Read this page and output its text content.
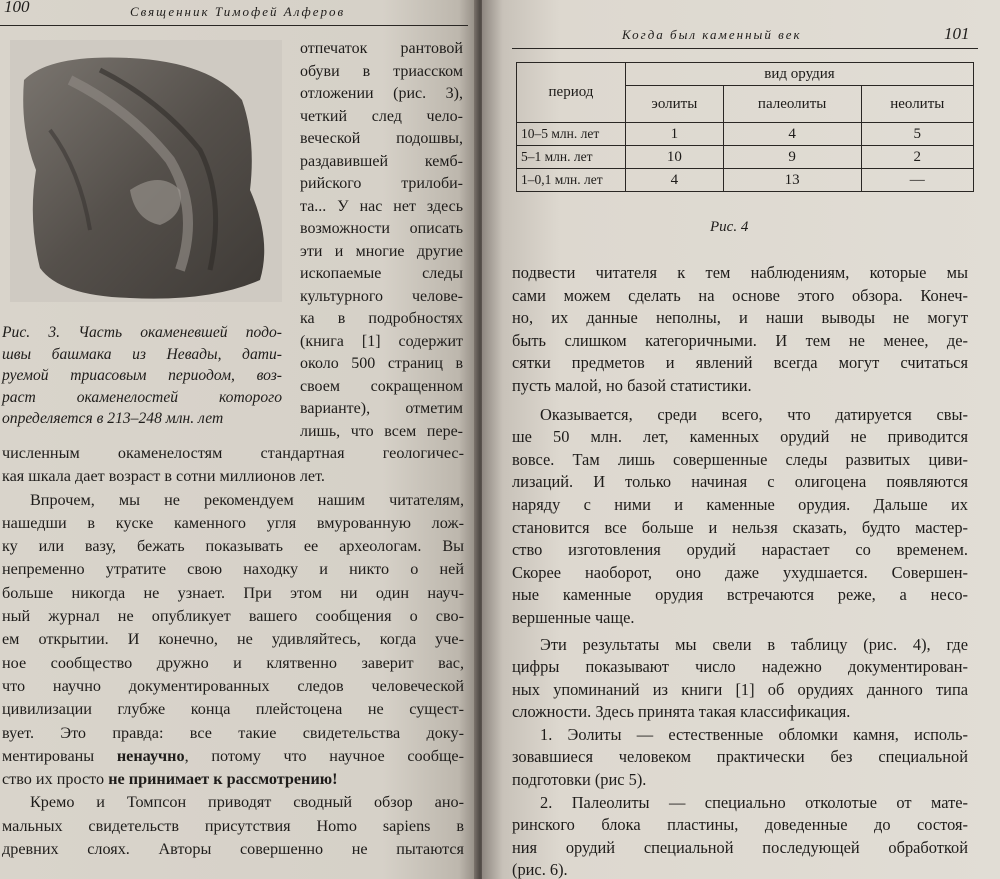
100	Священник Тимофей Алферов
отпечаток рантовой
обуви в триасском
отложении (рис. 3),
четкий след чело-
веческой подошвы,
раздавившей кемб-
рийского трилоби-
та... У нас нет здесь
возможности описать
эти и многие другие
ископаемые следы
культурного челове-
ка в подробностях
(книга [1] содержит
около 500 страниц в
своем сокращенном
варианте), отметим
лишь, что всем пере-
Рис. 3. Часть окаменевшей подо-
швы башмака из Невады, дати-
руемой триасовым периодом, воз-
раст окаменелостей которого
определяется в 213–248 млн. лет
численным окаменелостям стандартная геологичес-
кая шкала дает возраст в сотни миллионов лет.
Впрочем, мы не рекомендуем нашим читателям,
нашедши в куске каменного угля вмурованную лож-
ку или вазу, бежать показывать ее археологам. Вы
непременно утратите свою находку и никто о ней
больше никогда не узнает. При этом ни один науч-
ный журнал не опубликует вашего сообщения о сво-
ем открытии. И конечно, не удивляйтесь, когда уче-
ное сообщество дружно и клятвенно заверит вас,
что научно документированных следов человеческой
цивилизации глубже конца плейстоцена не сущест-
вует. Это правда: все такие свидетельства доку-
ментированы ненаучно, потому что научное сообще-
ство их просто не принимает к рассмотрению!
Кремо и Томпсон приводят сводный обзор ано-
мальных свидетельств присутствия Homo sapiens в
древних слоях. Авторы совершенно не пытаются
Когда был каменный век	101
период	вид орудия		
	эолиты	палеолиты	неолиты
10–5 млн. лет	1	4	5
5–1 млн. лет	10	9	2
1–0,1 млн. лет	4	13	—
Рис. 4
подвести читателя к тем наблюдениям, которые мы
сами можем сделать на основе этого обзора. Конеч-
но, их данные неполны, и наши выводы не могут
быть слишком категоричными. И тем не менее, де-
сятки предметов и явлений всегда могут считаться
пусть малой, но базой статистики.
Оказывается, среди всего, что датируется свы-
ше 50 млн. лет, каменных орудий не приводится
вовсе. Там лишь совершенные следы развитых циви-
лизаций. И только начиная с олигоцена появляются
наряду с ними и каменные орудия. Дальше их
становится все больше и нельзя сказать, будто мастер-
ство изготовления орудий нарастает со временем.
Скорее наоборот, оно даже ухудшается. Совершен-
ные каменные орудия встречаются реже, а несо-
вершенные чаще.
Эти результаты мы свели в таблицу (рис. 4), где
цифры показывают число надежно документирован-
ных упоминаний из книги [1] об орудиях данного типа
сложности. Здесь принята такая классификация.
1. Эолиты — естественные обломки камня, исполь-
зовавшиеся человеком практически без специальной
подготовки (рис 5).
2. Палеолиты — специально отколотые от мате-
ринского блока пластины, доведенные до состоя-
ния орудий специальной последующей обработкой
(рис. 6).
